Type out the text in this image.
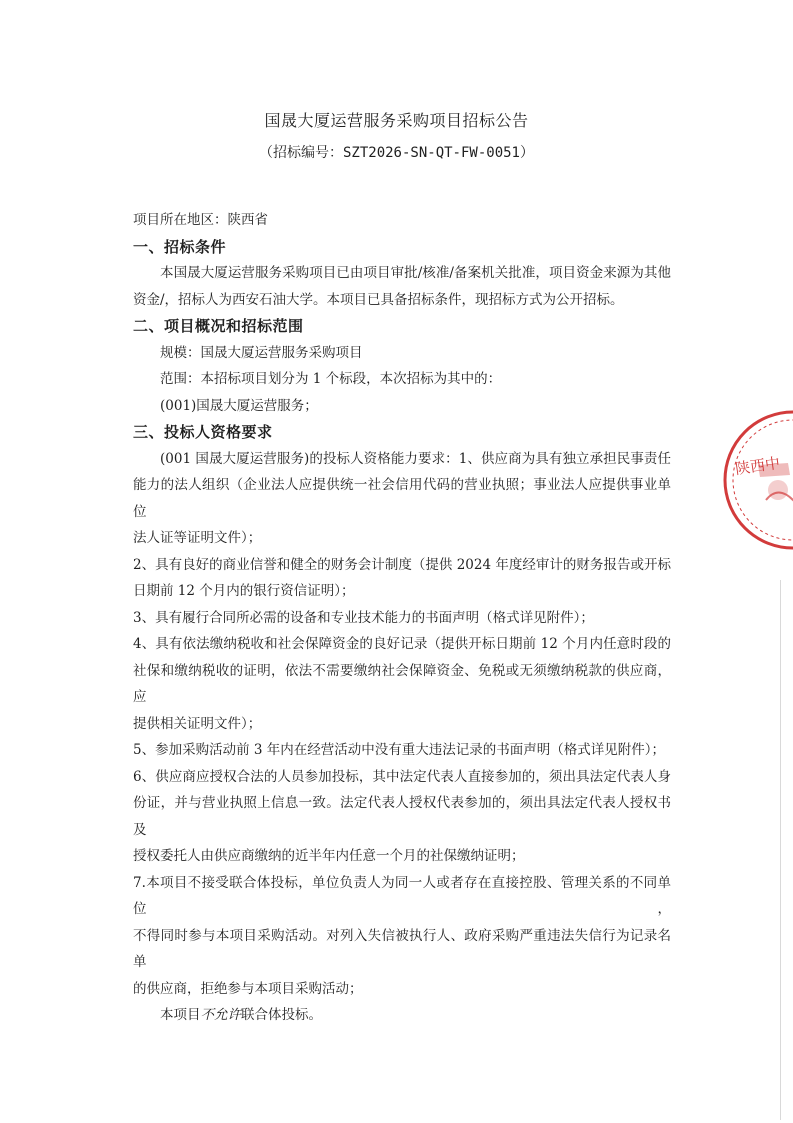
国晟大厦运营服务采购项目招标公告
（招标编号：SZT2026-SN-QT-FW-0051）
项目所在地区：陕西省
一、招标条件
本国晟大厦运营服务采购项目已由项目审批/核准/备案机关批准，项目资金来源为其他
资金/，招标人为西安石油大学。本项目已具备招标条件，现招标方式为公开招标。
二、项目概况和招标范围
规模：国晟大厦运营服务采购项目
范围：本招标项目划分为 1 个标段，本次招标为其中的：
(001)国晟大厦运营服务；
三、投标人资格要求
(001 国晟大厦运营服务)的投标人资格能力要求：1、供应商为具有独立承担民事责任
能力的法人组织（企业法人应提供统一社会信用代码的营业执照；事业法人应提供事业单位
法人证等证明文件）；
2、具有良好的商业信誉和健全的财务会计制度（提供 2024 年度经审计的财务报告或开标
日期前 12 个月内的银行资信证明）；
3、具有履行合同所必需的设备和专业技术能力的书面声明（格式详见附件）；
4、具有依法缴纳税收和社会保障资金的良好记录（提供开标日期前 12 个月内任意时段的
社保和缴纳税收的证明，依法不需要缴纳社会保障资金、免税或无须缴纳税款的供应商，应
提供相关证明文件）；
5、参加采购活动前 3 年内在经营活动中没有重大违法记录的书面声明（格式详见附件）；
6、供应商应授权合法的人员参加投标，其中法定代表人直接参加的，须出具法定代表人身
份证，并与营业执照上信息一致。法定代表人授权代表参加的，须出具法定代表人授权书及
授权委托人由供应商缴纳的近半年内任意一个月的社保缴纳证明；
7.本项目不接受联合体投标，单位负责人为同一人或者存在直接控股、管理关系的不同单位，
不得同时参与本项目采购活动。对列入失信被执行人、政府采购严重违法失信行为记录名单
的供应商，拒绝参与本项目采购活动；
本项目不允许联合体投标。
陕西中
